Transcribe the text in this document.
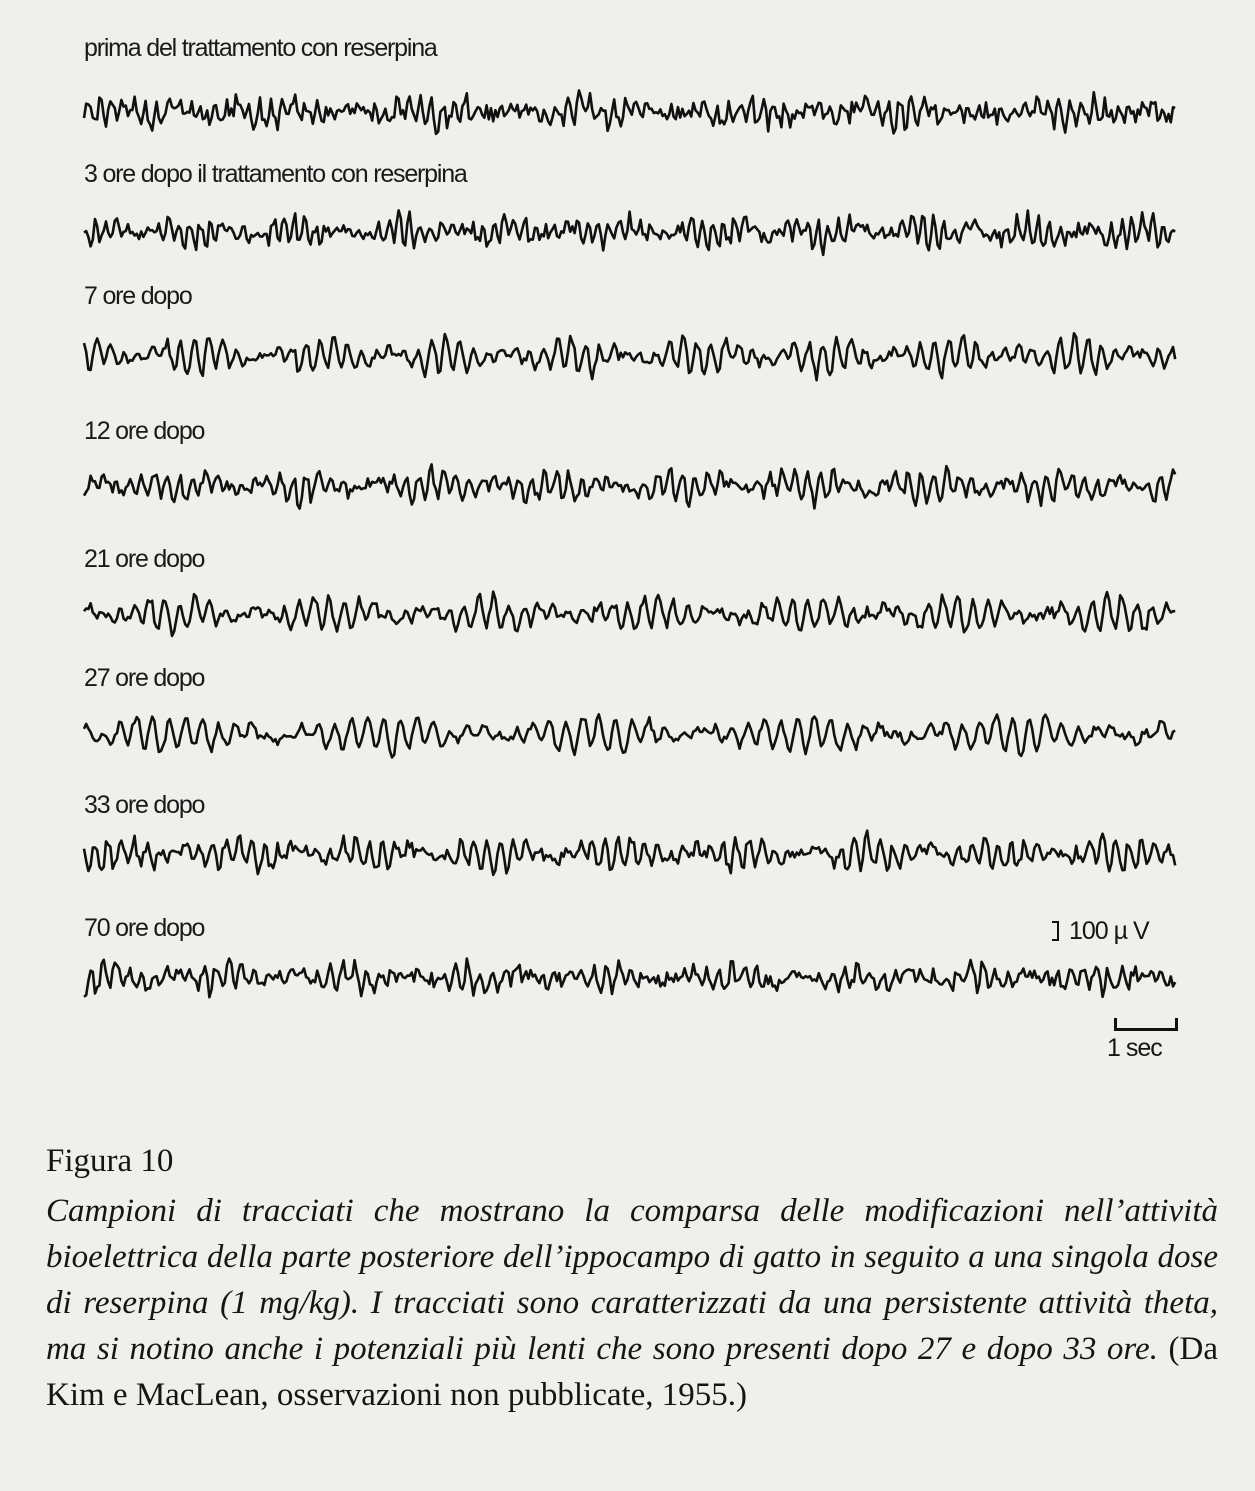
prima del trattamento con reserpina
3 ore dopo il trattamento con reserpina
7 ore dopo
12 ore dopo
21 ore dopo
27 ore dopo
33 ore dopo
70 ore dopo	100 µ V
1 sec
Figura 10
Campioni di tracciati che mostrano la comparsa delle modificazioni nell’attività bioelettrica della parte posteriore dell’ippocampo di gatto in seguito a una singola dose di reserpina (1 mg/kg). I tracciati sono caratterizzati da una persistente attività theta, ma si notino anche i potenziali più lenti che sono presenti dopo 27 e dopo 33 ore. (Da Kim e MacLean, osservazioni non pubblicate, 1955.)
